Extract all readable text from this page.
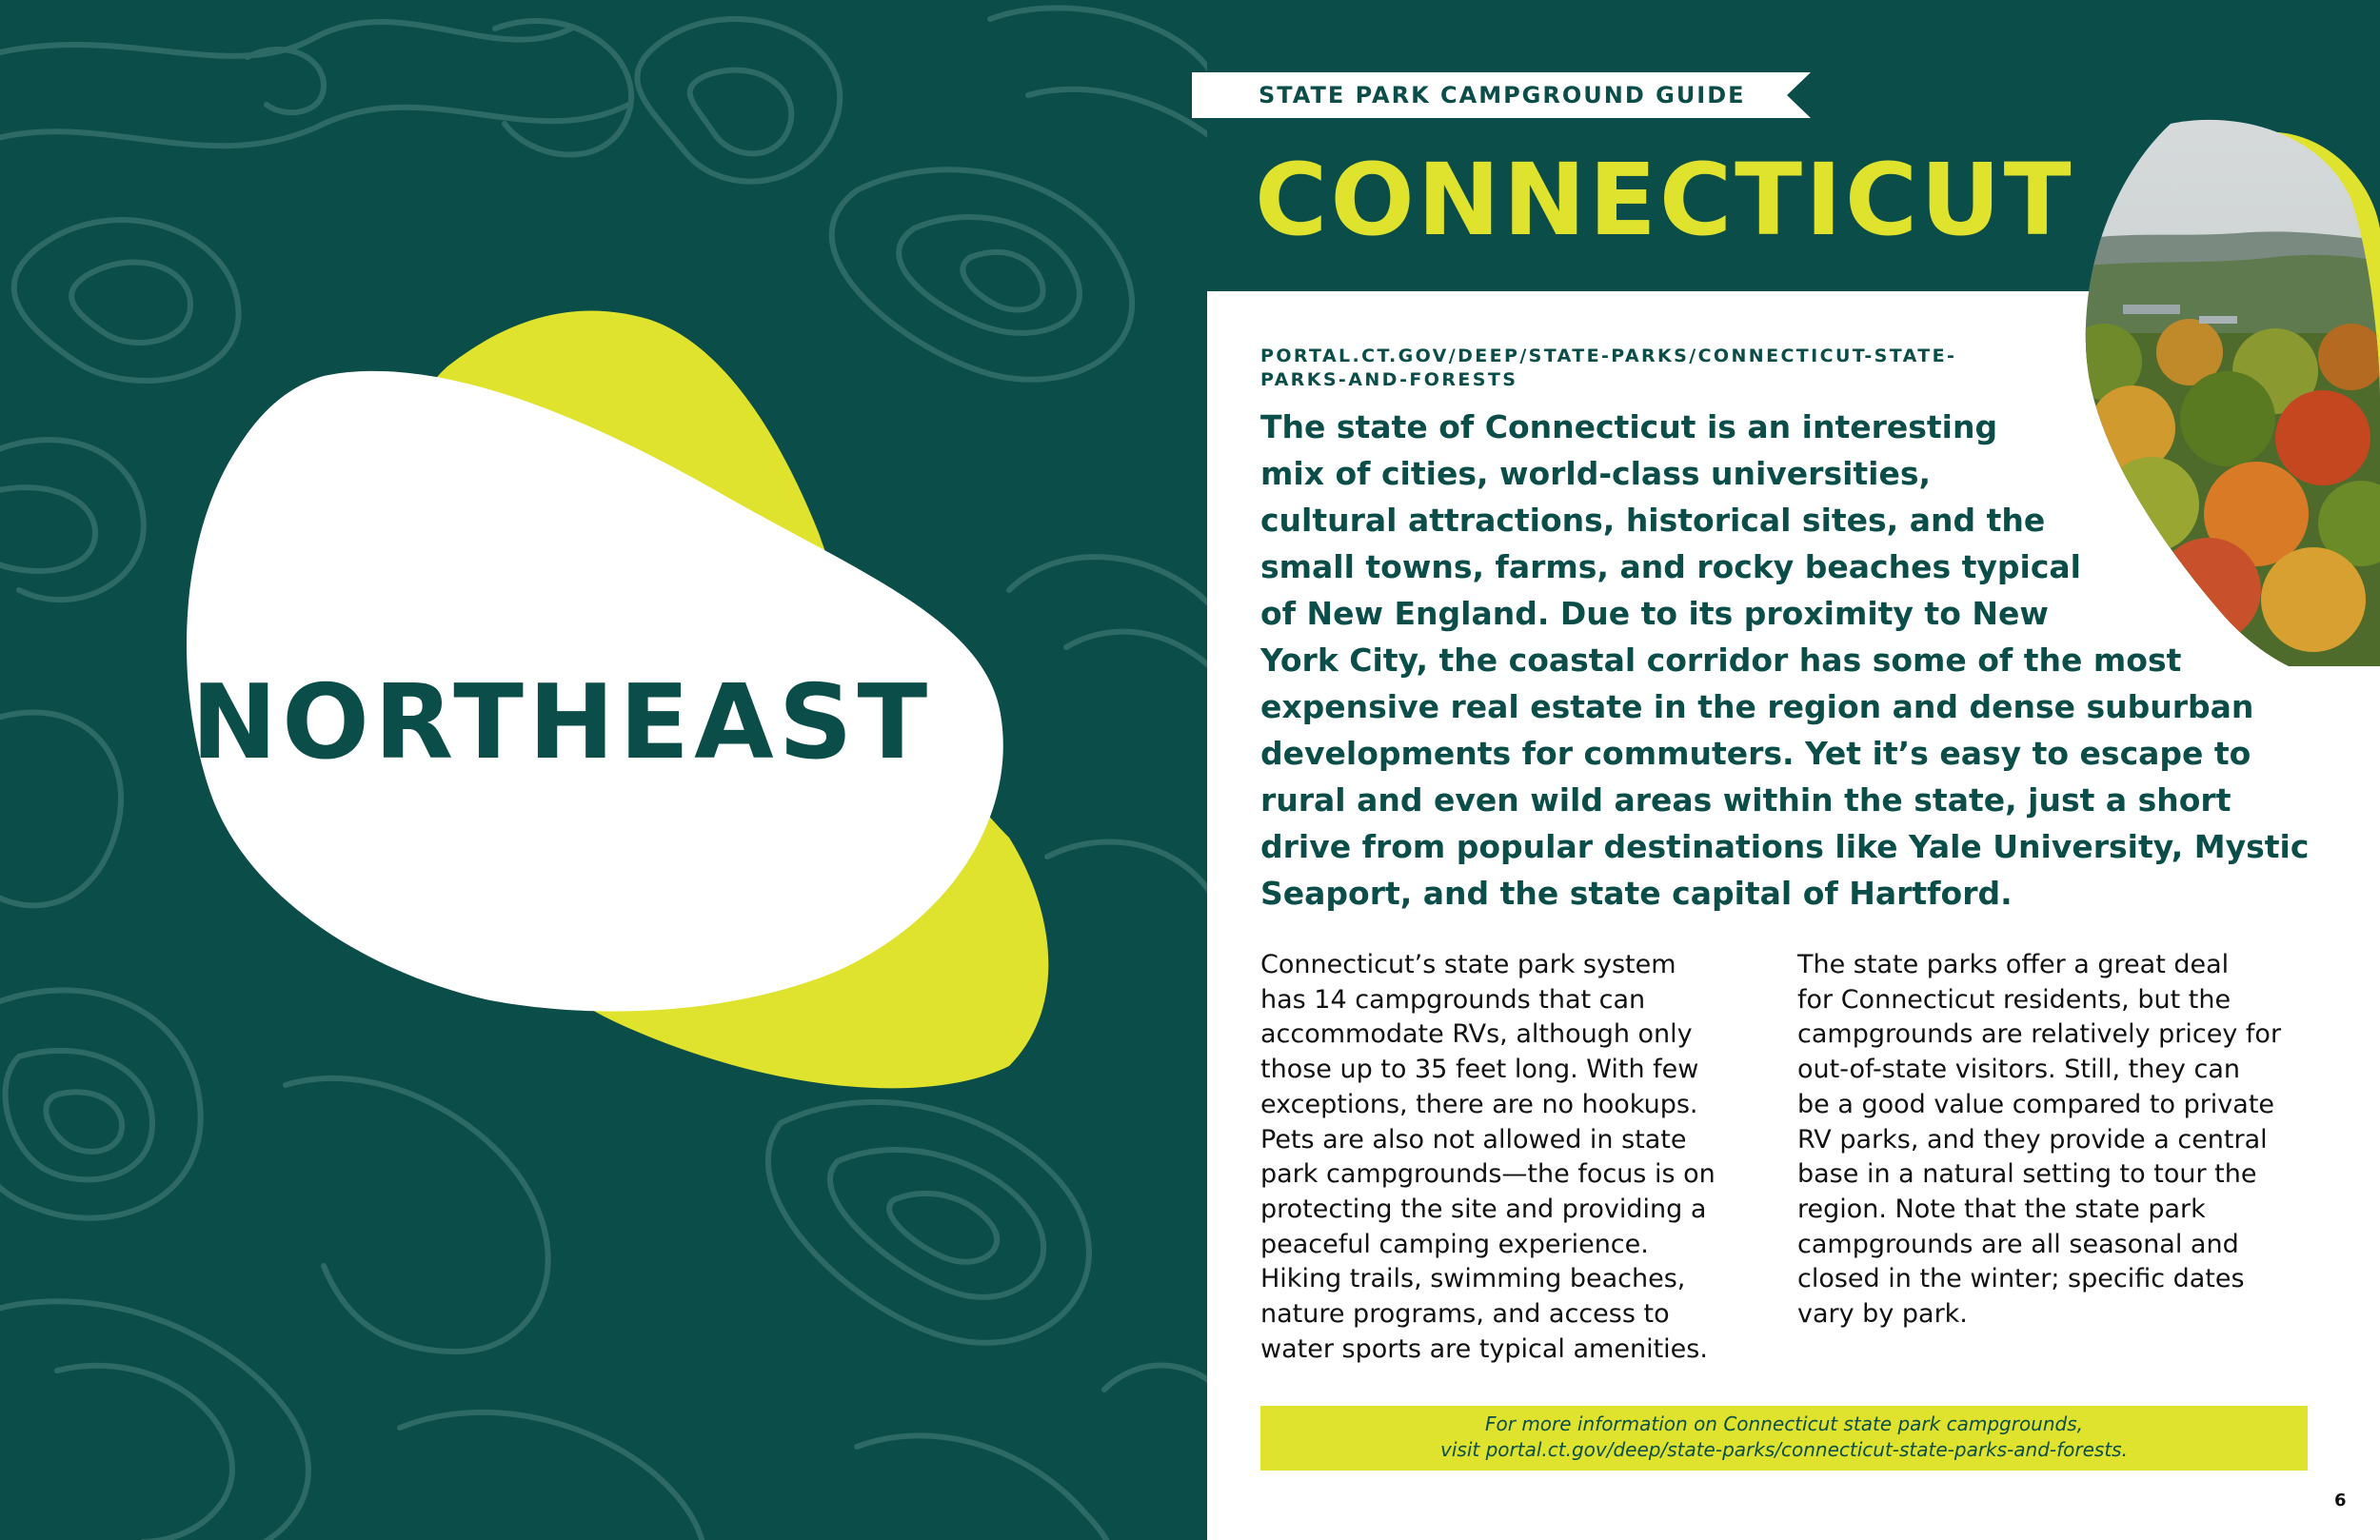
NORTHEAST
STATE PARK CAMPGROUND GUIDE
CONNECTICUT
PORTAL.CT.GOV/DEEP/STATE-PARKS/CONNECTICUT-STATE-
PARKS-AND-FORESTS
The state of Connecticut is an interesting
mix of cities, world-class universities,
cultural attractions, historical sites, and the
small towns, farms, and rocky beaches typical
of New England. Due to its proximity to New
York City, the coastal corridor has some of the most
expensive real estate in the region and dense suburban
developments for commuters. Yet it’s easy to escape to
rural and even wild areas within the state, just a short
drive from popular destinations like Yale University, Mystic
Seaport, and the state capital of Hartford.
Connecticut’s state park system
has 14 campgrounds that can
accommodate RVs, although only
those up to 35 feet long. With few
exceptions, there are no hookups.
Pets are also not allowed in state
park campgrounds—the focus is on
protecting the site and providing a
peaceful camping experience.
Hiking trails, swimming beaches,
nature programs, and access to
water sports are typical amenities.
The state parks offer a great deal
for Connecticut residents, but the
campgrounds are relatively pricey for
out-of-state visitors. Still, they can
be a good value compared to private
RV parks, and they provide a central
base in a natural setting to tour the
region. Note that the state park
campgrounds are all seasonal and
closed in the winter; specific dates
vary by park.
For more information on Connecticut state park campgrounds,
visit portal.ct.gov/deep/state-parks/connecticut-state-parks-and-forests.
6
